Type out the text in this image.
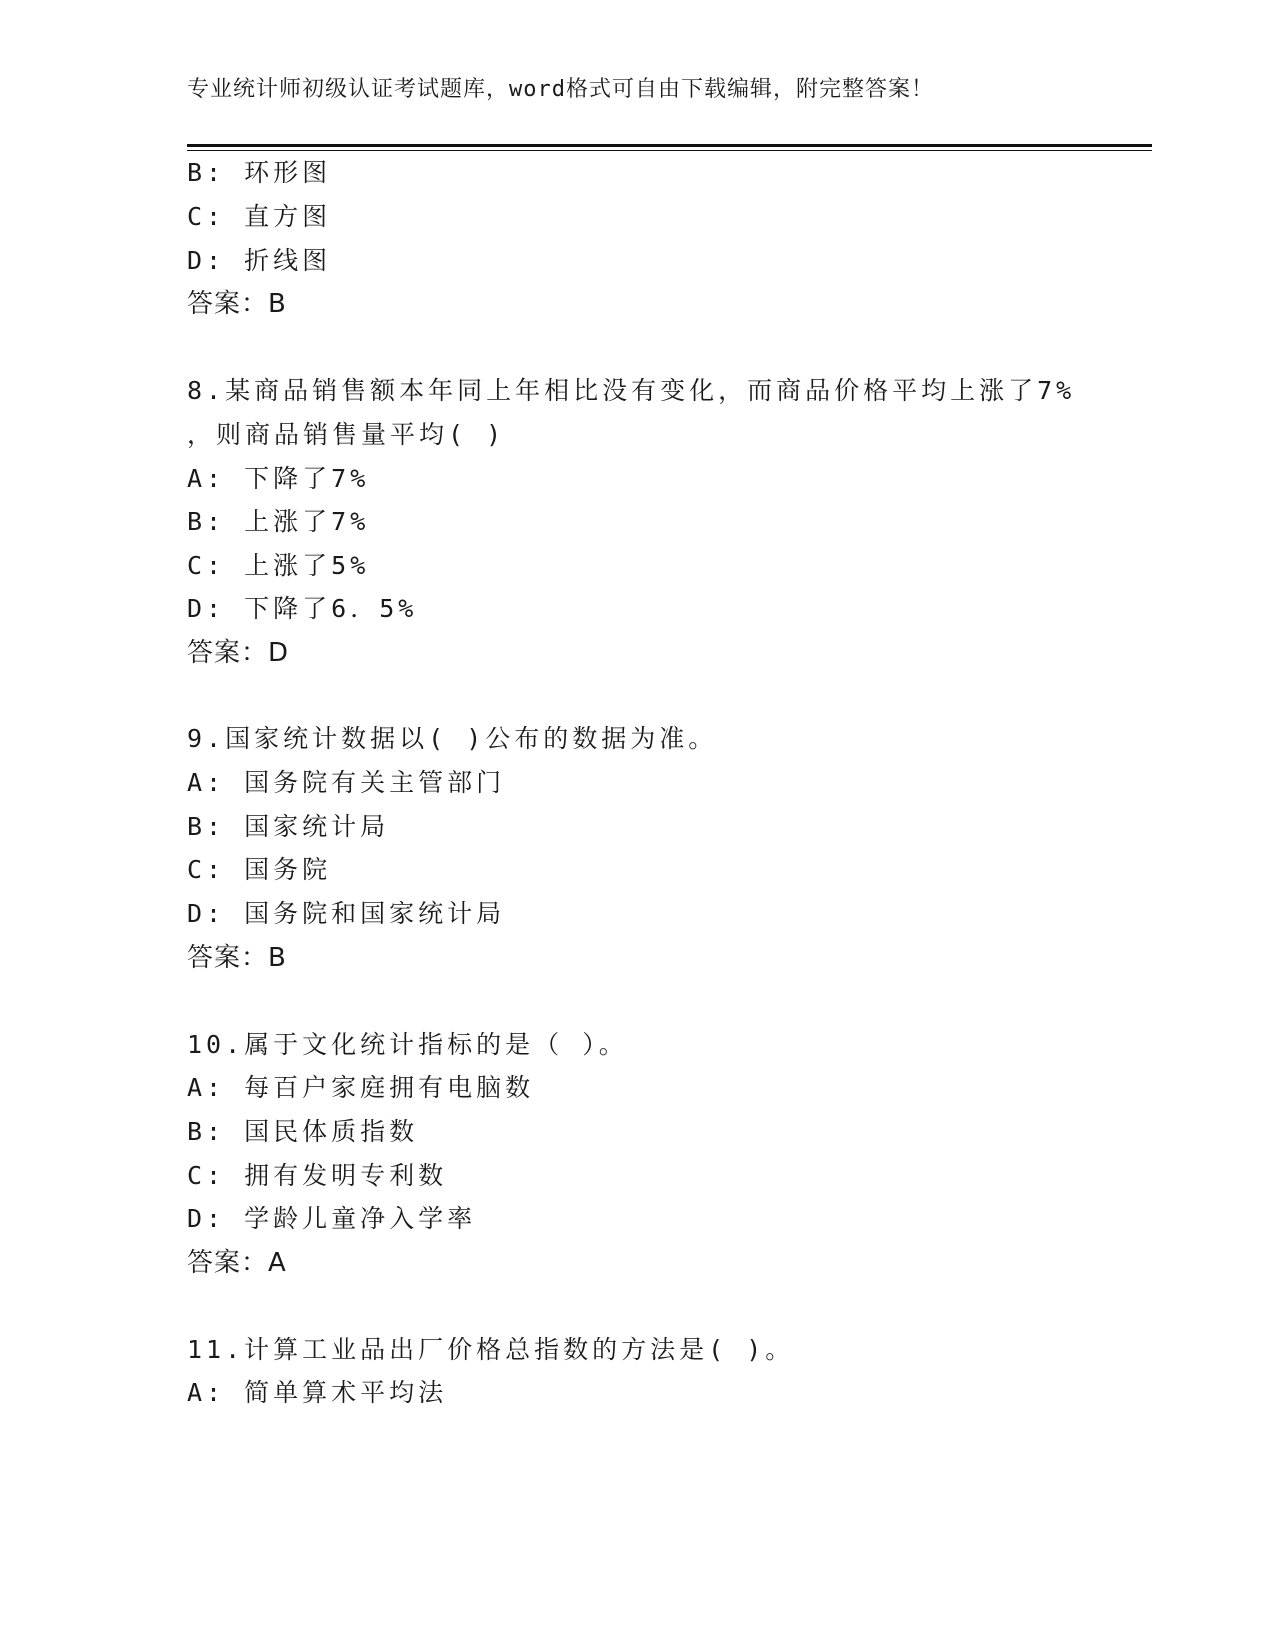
专业统计师初级认证考试题库，word格式可自由下载编辑，附完整答案！
B: 环形图
C: 直方图
D: 折线图
答案：B
8.某商品销售额本年同上年相比没有变化，而商品价格平均上涨了7%
，则商品销售量平均( )
A: 下降了7%
B: 上涨了7%
C: 上涨了5%
D: 下降了6．5%
答案：D
9.国家统计数据以( )公布的数据为准。
A: 国务院有关主管部门
B: 国家统计局
C: 国务院
D: 国务院和国家统计局
答案：B
10.属于文化统计指标的是（ ）。
A: 每百户家庭拥有电脑数
B: 国民体质指数
C: 拥有发明专利数
D: 学龄儿童净入学率
答案：A
11.计算工业品出厂价格总指数的方法是( )。
A: 简单算术平均法
